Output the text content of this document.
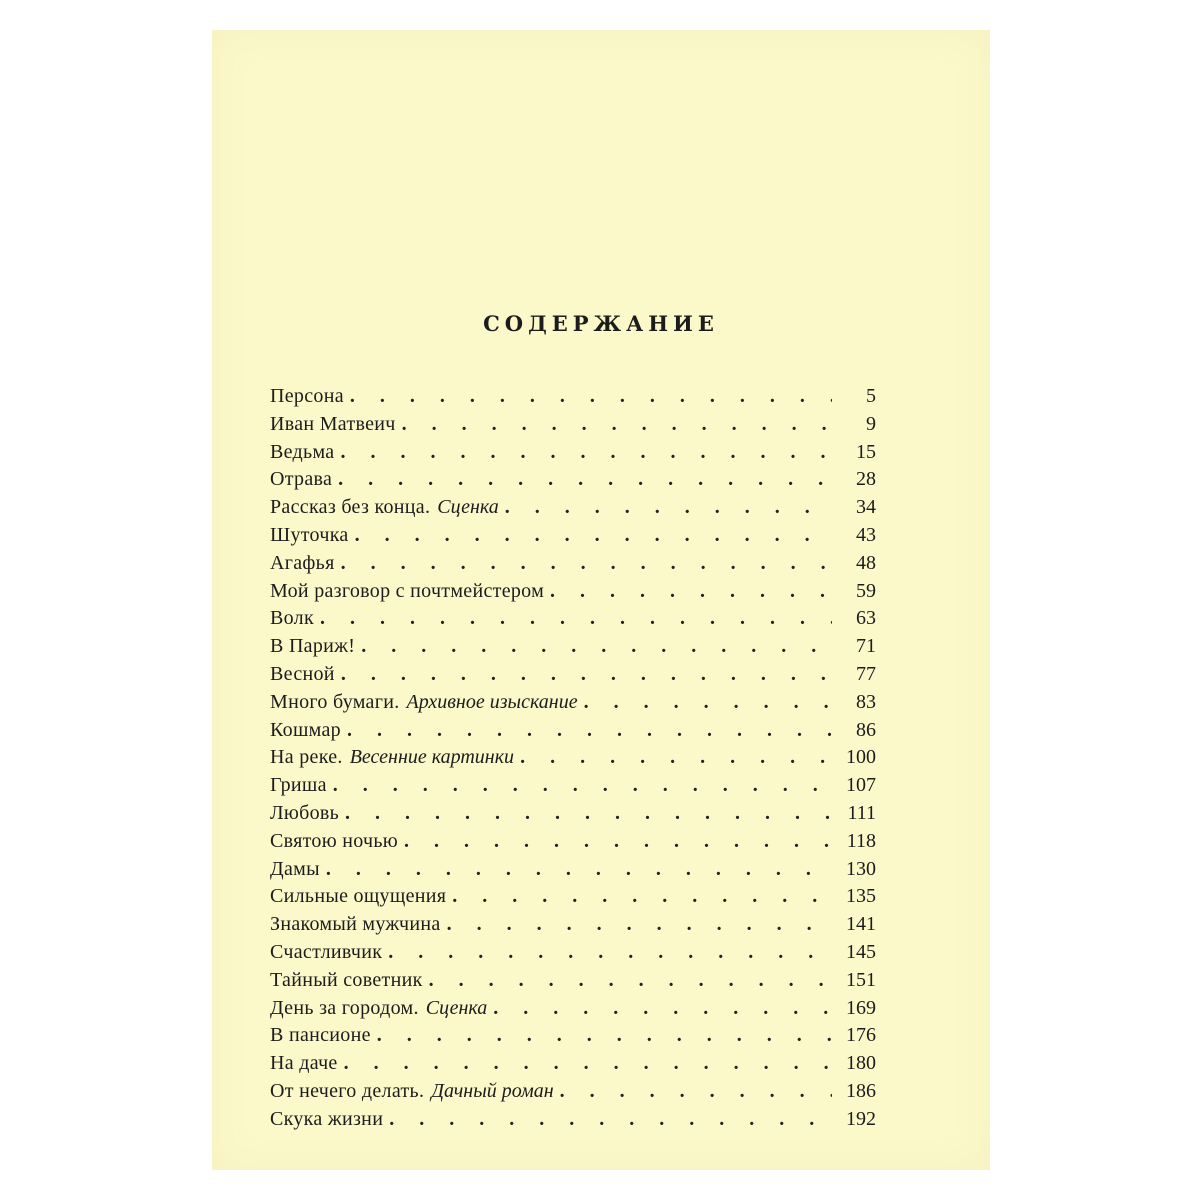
СОДЕРЖАНИЕ
Персона . . .	5
Иван Матвеич . . .	9
Ведьма . . .	15
Отрава . . .	28
Рассказ без конца. Сценка . . .	34
Шуточка . . .	43
Агафья . . .	48
Мой разговор с почтмейстером . . .	59
Волк . . .	63
В Париж! . . .	71
Весной . . .	77
Много бумаги. Архивное изыскание . . .	83
Кошмар . . .	86
На реке. Весенние картинки . . .	100
Гриша . . .	107
Любовь . . .	111
Святою ночью . . .	118
Дамы . . .	130
Сильные ощущения . . .	135
Знакомый мужчина . . .	141
Счастливчик . . .	145
Тайный советник . . .	151
День за городом. Сценка . . .	169
В пансионе . . .	176
На даче . . .	180
От нечего делать. Дачный роман . . .	186
Скука жизни . . .	192
